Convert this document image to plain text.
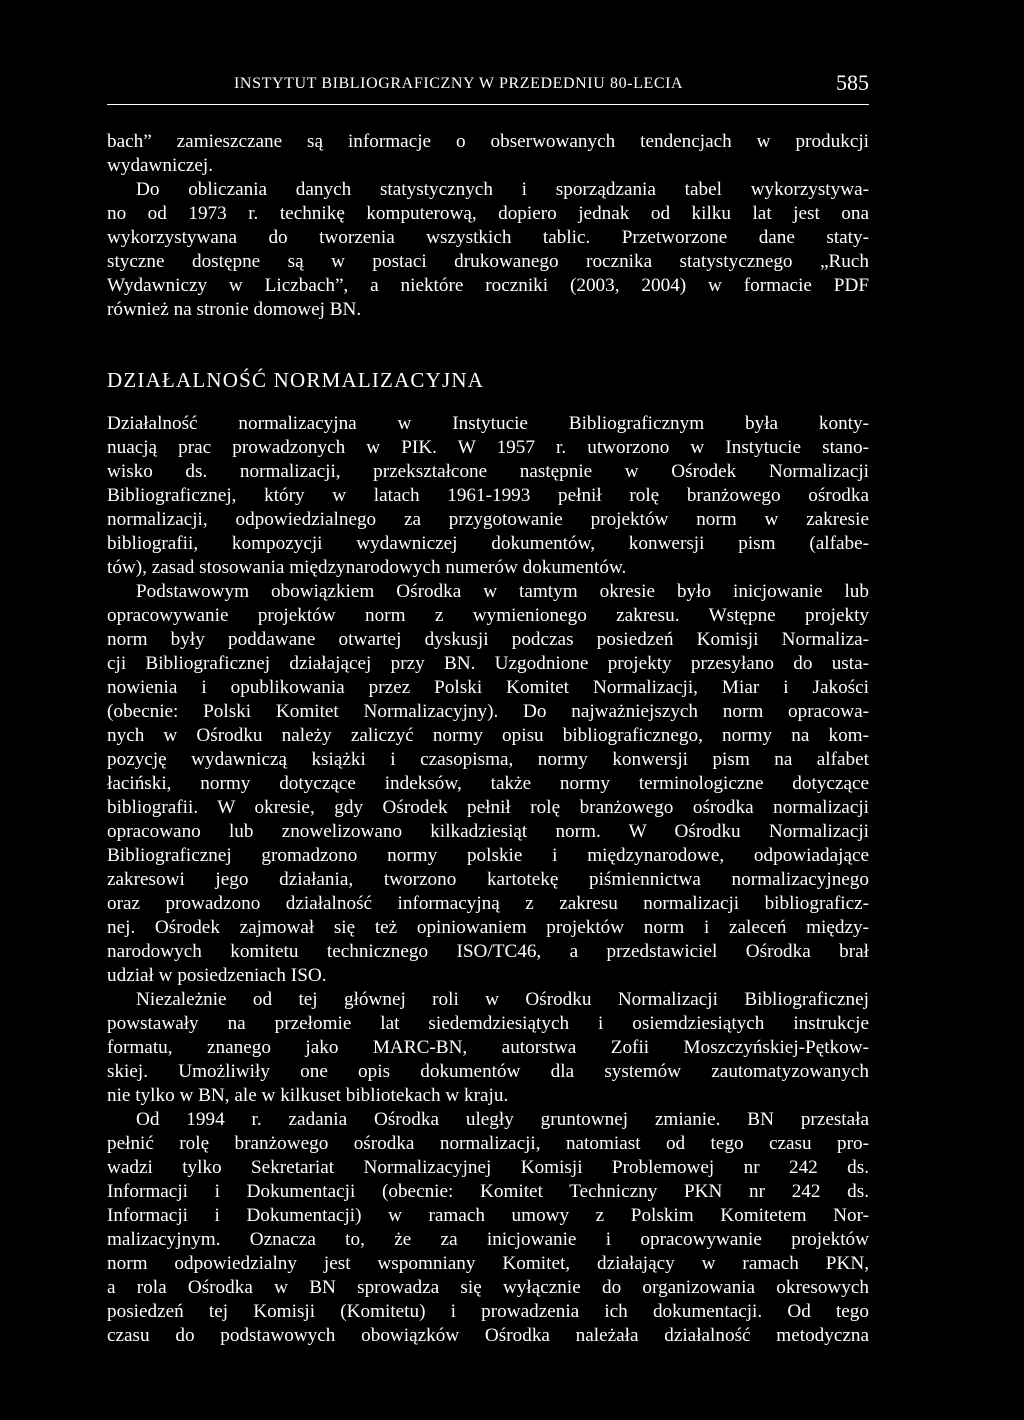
INSTYTUT BIBLIOGRAFICZNY W PRZEDEDNIU 80-LECIA	585
bach” zamieszczane są informacje o obserwowanych tendencjach w produkcji
wydawniczej.
Do obliczania danych statystycznych i sporządzania tabel wykorzystywa-
no od 1973 r. technikę komputerową, dopiero jednak od kilku lat jest ona
wykorzystywana do tworzenia wszystkich tablic. Przetworzone dane staty-
styczne dostępne są w postaci drukowanego rocznika statystycznego „Ruch
Wydawniczy w Liczbach”, a niektóre roczniki (2003, 2004) w formacie PDF
również na stronie domowej BN.
DZIAŁALNOŚĆ NORMALIZACYJNA
Działalność normalizacyjna w Instytucie Bibliograficznym była konty-
nuacją prac prowadzonych w PIK. W 1957 r. utworzono w Instytucie stano-
wisko ds. normalizacji, przekształcone następnie w Ośrodek Normalizacji
Bibliograficznej, który w latach 1961-1993 pełnił rolę branżowego ośrodka
normalizacji, odpowiedzialnego za przygotowanie projektów norm w zakresie
bibliografii, kompozycji wydawniczej dokumentów, konwersji pism (alfabe-
tów), zasad stosowania międzynarodowych numerów dokumentów.
Podstawowym obowiązkiem Ośrodka w tamtym okresie było inicjowanie lub
opracowywanie projektów norm z wymienionego zakresu. Wstępne projekty
norm były poddawane otwartej dyskusji podczas posiedzeń Komisji Normaliza-
cji Bibliograficznej działającej przy BN. Uzgodnione projekty przesyłano do usta-
nowienia i opublikowania przez Polski Komitet Normalizacji, Miar i Jakości
(obecnie: Polski Komitet Normalizacyjny). Do najważniejszych norm opracowa-
nych w Ośrodku należy zaliczyć normy opisu bibliograficznego, normy na kom-
pozycję wydawniczą książki i czasopisma, normy konwersji pism na alfabet
łaciński, normy dotyczące indeksów, także normy terminologiczne dotyczące
bibliografii. W okresie, gdy Ośrodek pełnił rolę branżowego ośrodka normalizacji
opracowano lub znowelizowano kilkadziesiąt norm. W Ośrodku Normalizacji
Bibliograficznej gromadzono normy polskie i międzynarodowe, odpowiadające
zakresowi jego działania, tworzono kartotekę piśmiennictwa normalizacyjnego
oraz prowadzono działalność informacyjną z zakresu normalizacji bibliograficz-
nej. Ośrodek zajmował się też opiniowaniem projektów norm i zaleceń między-
narodowych komitetu technicznego ISO/TC46, a przedstawiciel Ośrodka brał
udział w posiedzeniach ISO.
Niezależnie od tej głównej roli w Ośrodku Normalizacji Bibliograficznej
powstawały na przełomie lat siedemdziesiątych i osiemdziesiątych instrukcje
formatu, znanego jako MARC-BN, autorstwa Zofii Moszczyńskiej-Pętkow-
skiej. Umożliwiły one opis dokumentów dla systemów zautomatyzowanych
nie tylko w BN, ale w kilkuset bibliotekach w kraju.
Od 1994 r. zadania Ośrodka uległy gruntownej zmianie. BN przestała
pełnić rolę branżowego ośrodka normalizacji, natomiast od tego czasu pro-
wadzi tylko Sekretariat Normalizacyjnej Komisji Problemowej nr 242 ds.
Informacji i Dokumentacji (obecnie: Komitet Techniczny PKN nr 242 ds.
Informacji i Dokumentacji) w ramach umowy z Polskim Komitetem Nor-
malizacyjnym. Oznacza to, że za inicjowanie i opracowywanie projektów
norm odpowiedzialny jest wspomniany Komitet, działający w ramach PKN,
a rola Ośrodka w BN sprowadza się wyłącznie do organizowania okresowych
posiedzeń tej Komisji (Komitetu) i prowadzenia ich dokumentacji. Od tego
czasu do podstawowych obowiązków Ośrodka należała działalność metodyczna
